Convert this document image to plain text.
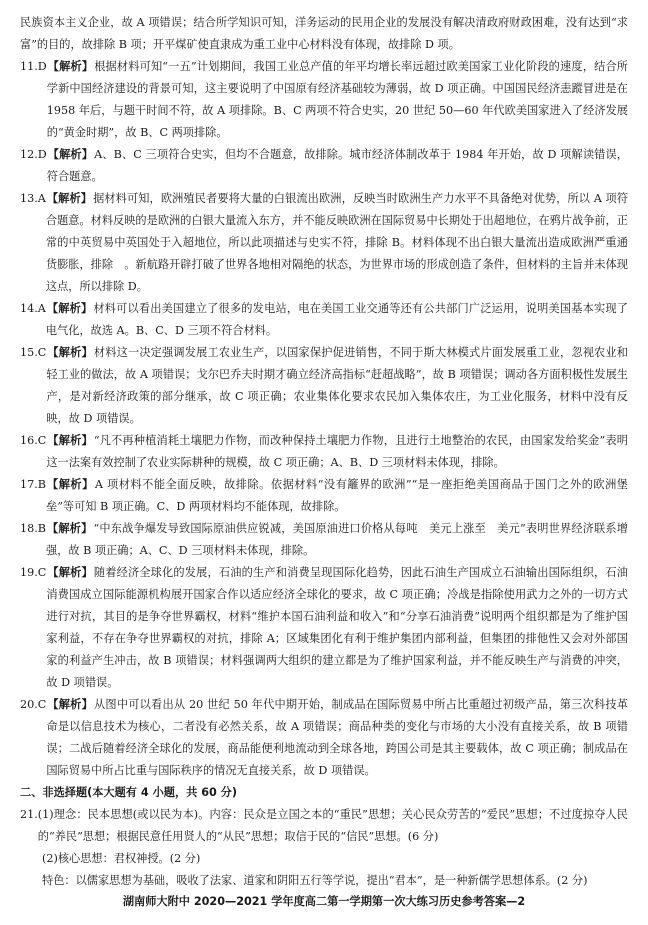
民族资本主义企业，故 A 项错误；结合所学知识可知，洋务运动的民用企业的发展没有解决清政府财政困难，没有达到“求富”的目的，故排除 B 项；开平煤矿使直隶成为重工业中心材料没有体现，故排除 D 项。

11.D 【解析】根据材料可知“一五”计划期间，我国工业总产值的年平均增长率远超过欧美国家工业化阶段的速度，结合所学新中国经济建设的背景可知，这主要说明了中国原有经济基础较为薄弱，故 D 项正确。中国国民经济恚蹤冒进是在 1958 年后，与题干时间不符，故 A 项排除。B、C 两项不符合史实，20 世纪 50—60 年代欧美国家进入了经济发展的“黄金时期”，故 B、C 两项排除。
12.D 【解析】A、B、C 三项符合史实，但均不合题意，故排除。城市经济体制改革于 1984 年开始，故 D 项解读错误，符合题意。
13.A 【解析】据材料可知，欧洲殖民者要将大量的白银流出欧洲，反映当时欧洲生产力水平不具备绝对优势，所以 A 项符合题意。材料反映的是欧洲的白银大量流入东方，并不能反映欧洲在国际贸易中长期处于出超地位，在鸦片战争前，正常的中英贸易中英国处于入超地位，所以此项描述与史实不符，排除 B。材料体现不出白银大量流出造成欧洲严重通货膨胀，排除　。新航路开辟打破了世界各地相对隔绝的状态，为世界市场的形成创造了条件，但材料的主旨并未体现这点，所以排除 D。
14.A 【解析】材料可以看出美国建立了很多的发电站，电在美国工业交通等还有公共部门广泛运用，说明美国基本实现了电气化，故选 A。B、C、D 三项不符合材料。
15.C 【解析】材料这一决定强调发展工农业生产，以国家保护促进销售，不同于斯大林模式片面发展重工业，忽视农业和轻工业的做法，故 A 项错误；戈尔巴乔夫时期才确立经济高指标“赶超战略”，故 B 项错误；调动各方面积极性发展生产，是对新经济政策的部分继承，故 C 项正确；农业集体化要求农民加入集体农庄，为工业化服务，材料中没有反映，故 D 项错误。
16.C 【解析】“凡不再种植消耗土壤肥力作物，而改种保持土壤肥力作物，且进行土地整治的农民，由国家发给奖金”表明这一法案有效控制了农业实际耕种的规模，故 C 项正确；A、B、D 三项材料未体现，排除。
17.B 【解析】A 项材料不能全面反映，故排除。依据材料“没有籬界的欧洲”“是一座拒绝美国商品于国门之外的欧洲堡垒”等可知 B 项正确。C、D 两项材料均不能体现，故排除。
18.B 【解析】“中东战争爆发导致国际原油供应锐减，美国原油进口价格从每吨　美元上涨至　美元”表明世界经济联系增强，故 B 项正确；A、C、D 三项材料未体现，排除。
19.C 【解析】随着经济全球化的发展，石油的生产和消费呈现国际化趋势，因此石油生产国成立石油输出国际组织，石油消费国成立国际能源机构展开国家合作以适应经济全球化的要求，故 C 项正确；冷战是指除使用武力之外的一切方式进行对抗，其目的是争夺世界霸权，材料“维护本国石油利益和收入”和“分享石油消费”说明两个组织都是为了维护国家利益，不存在争夺世界霸权的对抗，排除 A；区域集团化有利于维护集团内部利益，但集团的排他性又会对外部国家的利益产生冲击，故 B 项错误；材料强调两大组织的建立都是为了维护国家利益，并不能反映生产与消费的冲突，故 D 项错误。
20.C 【解析】从图中可以看出从 20 世纪 50 年代中期开始，制成品在国际贸易中所占比重超过初级产品，第三次科技革命是以信息技术为核心，二者没有必然关系，故 A 项错误；商品种类的变化与市场的大小没有直接关系，故 B 项错误；二战后随着经济全球化的发展，商品能便利地流动到全球各地，跨国公司是其主要载体，故 C 项正确；制成品在国际贸易中所占比重与国际秩序的情况无直接关系，故 D 项错误。

二、非选择题(本大题有 4 小题，共 60 分)

21. (1)理念：民本思想(或以民为本)。内容：民众是立国之本的“重民”思想；关心民众劳苦的“爱民”思想；不过度掠夺人民的“养民”思想；根据民意任用贤人的“从民”思想；取信于民的“信民”思想。(6 分)

(2)核心思想：君权神授。(2 分)

特色：以儒家思想为基础，吸收了法家、道家和阴阳五行等学说，提出“君本”，是一种新儒学思想体系。(2 分)

湖南师大附中 2020—2021 学年度高二第一学期第一次大练习历史参考答案—2
